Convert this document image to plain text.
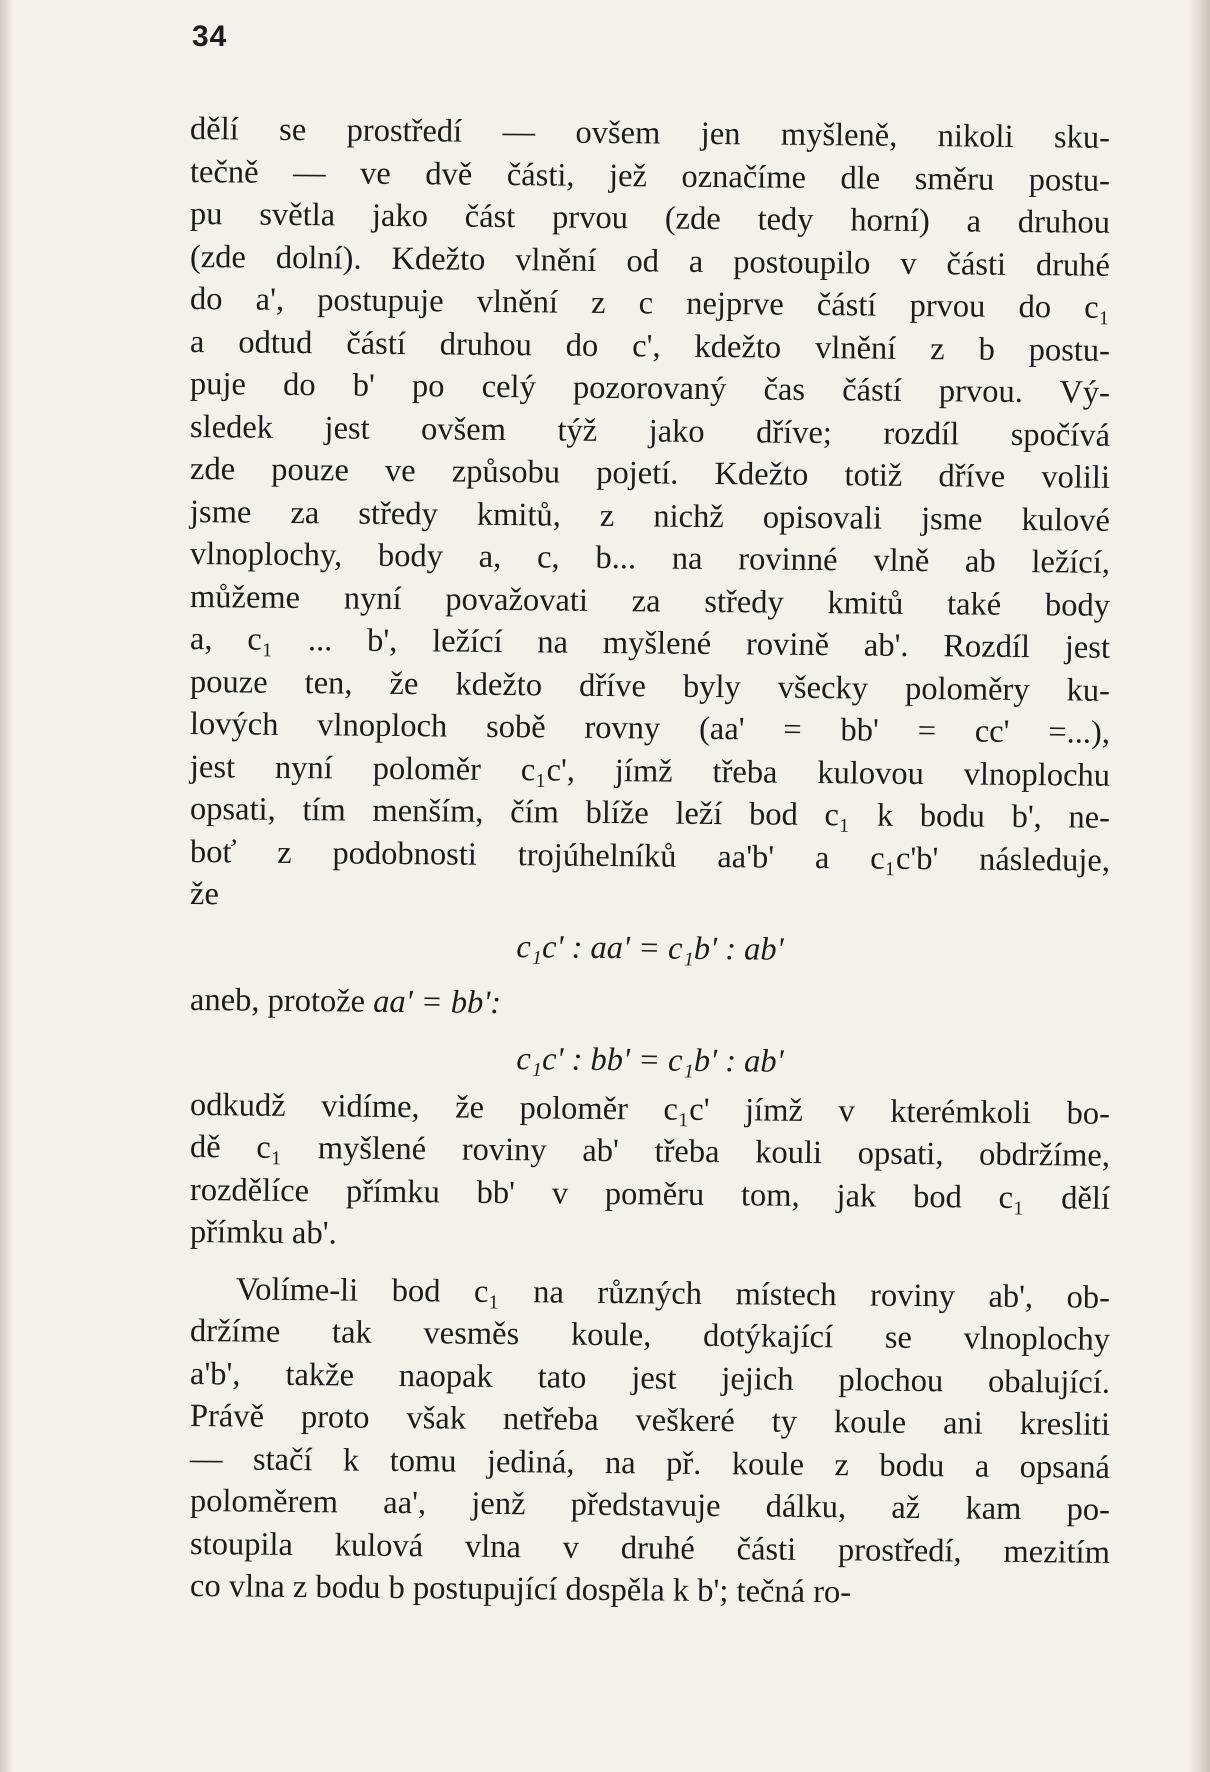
34
dělí se prostředí — ovšem jen myšleně, nikoli sku-
tečně — ve dvě části, jež označíme dle směru postu-
pu světla jako část prvou (zde tedy horní) a druhou
(zde dolní). Kdežto vlnění od a postoupilo v části druhé
do a', postupuje vlnění z c nejprve částí prvou do c₁
a odtud částí druhou do c', kdežto vlnění z b postu-
puje do b' po celý pozorovaný čas částí prvou. Vý-
sledek jest ovšem týž jako dříve; rozdíl spočívá
zde pouze ve způsobu pojetí. Kdežto totiž dříve volili
jsme za středy kmitů, z nichž opisovali jsme kulové
vlnoplochy, body a, c, b... na rovinné vlně ab ležící,
můžeme nyní považovati za středy kmitů také body
a, c₁ ... b', ležící na myšlené rovině ab'. Rozdíl jest
pouze ten, že kdežto dříve byly všecky poloměry ku-
lových vlnoploch sobě rovny (aa' = bb' = cc' =...),
jest nyní poloměr c₁c', jímž třeba kulovou vlnoplochu
opsati, tím menším, čím blíže leží bod c₁ k bodu b', ne-
boť z podobnosti trojúhelníků aa'b' a c₁c'b' následuje,
že
c₁c' : aa' = c₁b' : ab'
aneb, protože aa' = bb':
c₁c' : bb' = c₁b' : ab'
odkudž vidíme, že poloměr c₁c' jímž v kterémkoli bo-
dě c₁ myšlené roviny ab' třeba kouli opsati, obdržíme,
rozdělíce přímku bb' v poměru tom, jak bod c₁ dělí
přímku ab'.
Volíme-li bod c₁ na různých místech roviny ab', ob-
držíme tak vesměs koule, dotýkající se vlnoplochy
a'b', takže naopak tato jest jejich plochou obalující.
Právě proto však netřeba veškeré ty koule ani kresliti
— stačí k tomu jediná, na př. koule z bodu a opsaná
poloměrem aa', jenž představuje dálku, až kam po-
stoupila kulová vlna v druhé části prostředí, mezitím
co vlna z bodu b postupující dospěla k b'; tečná ro-
